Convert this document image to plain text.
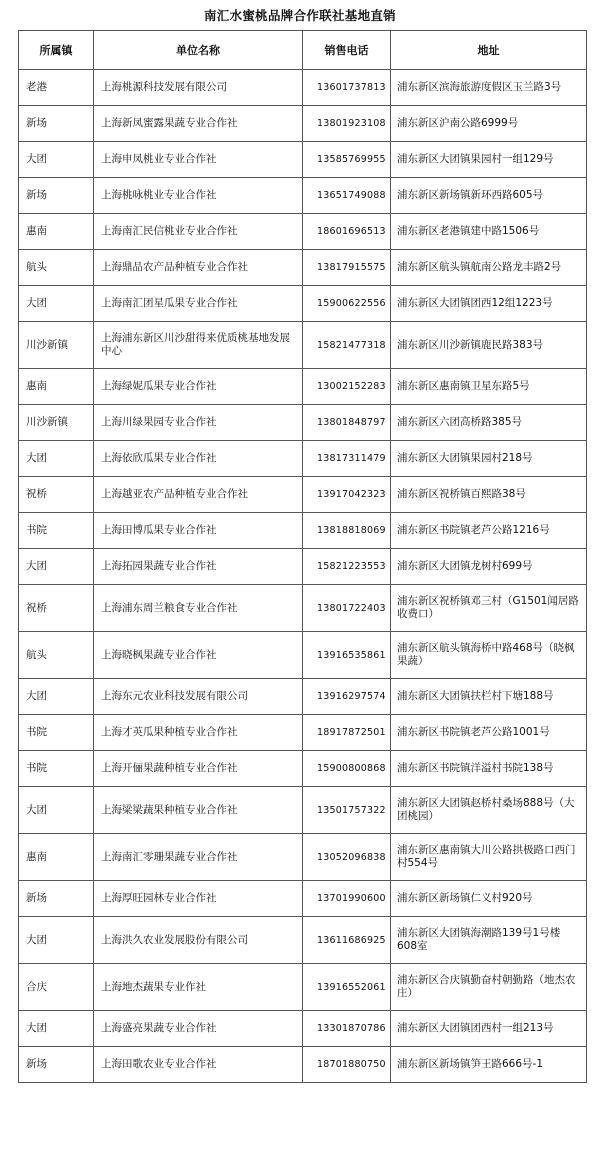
南汇水蜜桃品牌合作联社基地直销
所属镇	单位名称	销售电话	地址
老港	上海桃源科技发展有限公司	13601737813	浦东新区滨海旅游度假区玉兰路3号
新场	上海新凤蜜露果蔬专业合作社	13801923108	浦东新区沪南公路6999号
大团	上海申凤桃业专业合作社	13585769955	浦东新区大团镇果园村一组129号
新场	上海桃咏桃业专业合作社	13651749088	浦东新区新场镇新环西路605号
惠南	上海南汇民信桃业专业合作社	18601696513	浦东新区老港镇建中路1506号
航头	上海鼎品农产品种植专业合作社	13817915575	浦东新区航头镇航南公路龙丰路2号
大团	上海南汇团星瓜果专业合作社	15900622556	浦东新区大团镇团西12组1223号
川沙新镇	上海浦东新区川沙甜得来优质桃基地发展中心	15821477318	浦东新区川沙新镇鹿民路383号
惠南	上海绿妮瓜果专业合作社	13002152283	浦东新区惠南镇卫星东路5号
川沙新镇	上海川绿果园专业合作社	13801848797	浦东新区六团高桥路385号
大团	上海依欣瓜果专业合作社	13817311479	浦东新区大团镇果园村218号
祝桥	上海越亚农产品种植专业合作社	13917042323	浦东新区祝桥镇百熙路38号
书院	上海田博瓜果专业合作社	13818818069	浦东新区书院镇老芦公路1216号
大团	上海拓园果蔬专业合作社	15821223553	浦东新区大团镇龙树村699号
祝桥	上海浦东周兰粮食专业合作社	13801722403	浦东新区祝桥镇邓三村（G1501闻居路收费口）
航头	上海晓枫果蔬专业合作社	13916535861	浦东新区航头镇海桥中路468号（晓枫果蔬）
大团	上海东元农业科技发展有限公司	13916297574	浦东新区大团镇扶栏村下塘188号
书院	上海才英瓜果种植专业合作社	18917872501	浦东新区书院镇老芦公路1001号
书院	上海开俪果蔬种植专业合作社	15900800868	浦东新区书院镇洋溢村书院138号
大团	上海梁梁蔬果种植专业合作社	13501757322	浦东新区大团镇赵桥村桑场888号（大团桃园）
惠南	上海南汇零珊果蔬专业合作社	13052096838	浦东新区惠南镇大川公路拱极路口西门村554号
新场	上海厚旺园林专业合作社	13701990600	浦东新区新场镇仁义村920号
大团	上海洪久农业发展股份有限公司	13611686925	浦东新区大团镇海潮路139号1号楼608室
合庆	上海地杰蔬果专业作社	13916552061	浦东新区合庆镇勤奋村朝勤路（地杰农庄）
大团	上海盛亮果蔬专业合作社	13301870786	浦东新区大团镇团西村一组213号
新场	上海田歌农业专业合作社	18701880750	浦东新区新场镇笋王路666号-1
